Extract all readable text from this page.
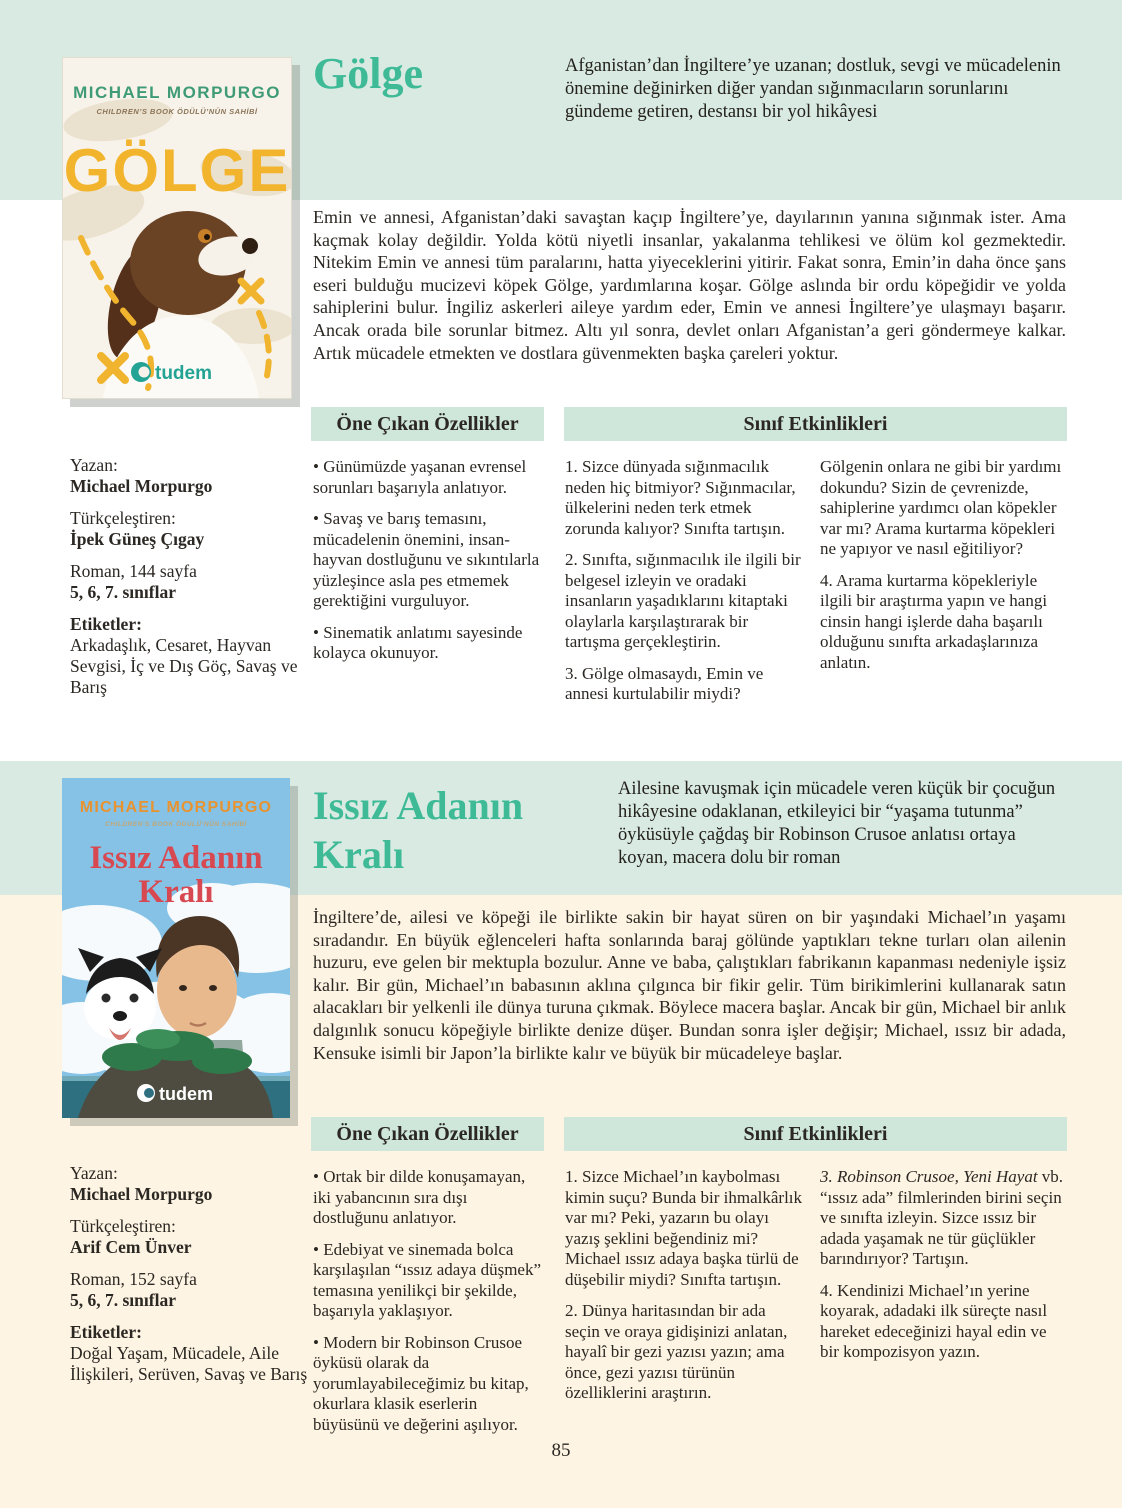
MICHAEL MORPURGO
CHILDREN’S BOOK ÖDÜLÜ’NÜN SAHİBİ
GÖLGE
tudem
Gölge	Afganistan’dan İngiltere’ye uzanan; dostluk, sevgi ve mücadelenin önemine değinirken diğer yandan sığınmacıların sorunlarını gündeme getiren, destansı bir yol hikâyesi
Emin ve annesi, Afganistan’daki savaştan kaçıp İngiltere’ye, dayılarının yanına sığınmak ister. Ama kaçmak kolay değildir. Yolda kötü niyetli insanlar, yakalanma tehlikesi ve ölüm kol gezmektedir. Nitekim Emin ve annesi tüm paralarını, hatta yiyeceklerini yitirir. Fakat sonra, Emin’in daha önce şans eseri bulduğu mucizevi köpek Gölge, yardımlarına koşar. Gölge aslında bir ordu köpeğidir ve yolda sahiplerini bulur. İngiliz askerleri aileye yardım eder, Emin ve annesi İngiltere’ye ulaşmayı başarır. Ancak orada bile sorunlar bitmez. Altı yıl sonra, devlet onları Afganistan’a geri göndermeye kalkar. Artık mücadele etmekten ve dostlara güvenmekten başka çareleri yoktur.
Öne Çıkan Özellikler	Sınıf Etkinlikleri

Yazan:
Michael Morpurgo

Türkçeleştiren:
İpek Güneş Çıgay

Roman, 144 sayfa
5, 6, 7. sınıflar

Etiketler:
Arkadaşlık, Cesaret, Hayvan Sevgisi, İç ve Dış Göç, Savaş ve Barış

• Günümüzde yaşanan evrensel sorunları başarıyla anlatıyor.

• Savaş ve barış temasını, mücadelenin önemini, insan-hayvan dostluğunu ve sıkıntılarla yüzleşince asla pes etmemek gerektiğini vurguluyor.

• Sinematik anlatımı sayesinde kolayca okunuyor.

1. Sizce dünyada sığınmacılık neden hiç bitmiyor? Sığınmacılar, ülkelerini neden terk etmek zorunda kalıyor? Sınıfta tartışın.

2. Sınıfta, sığınmacılık ile ilgili bir belgesel izleyin ve oradaki insanların yaşadıklarını kitaptaki olaylarla karşılaştırarak bir tartışma gerçekleştirin.

3. Gölge olmasaydı, Emin ve annesi kurtulabilir miydi?

Gölgenin onlara ne gibi bir yardımı dokundu? Sizin de çevrenizde, sahiplerine yardımcı olan köpekler var mı? Arama kurtarma köpekleri ne yapıyor ve nasıl eğitiliyor?

4. Arama kurtarma köpekleriyle ilgili bir araştırma yapın ve hangi cinsin hangi işlerde daha başarılı olduğunu sınıfta arkadaşlarınıza anlatın.

MICHAEL MORPURGO
CHILDREN’S BOOK ÖDÜLÜ’NÜN SAHİBİ
Issız Adanın
Kralı
tudem
Issız Adanın Kralı
Ailesine kavuşmak için mücadele veren küçük bir çocuğun hikâyesine odaklanan, etkileyici bir “yaşama tutunma” öyküsüyle çağdaş bir Robinson Crusoe anlatısı ortaya koyan, macera dolu bir roman
İngiltere’de, ailesi ve köpeği ile birlikte sakin bir hayat süren on bir yaşındaki Michael’ın yaşamı sıradandır. En büyük eğlenceleri hafta sonlarında baraj gölünde yaptıkları tekne turları olan ailenin huzuru, eve gelen bir mektupla bozulur. Anne ve baba, çalıştıkları fabrikanın kapanması nedeniyle işsiz kalır. Bir gün, Michael’ın babasının aklına çılgınca bir fikir gelir. Tüm birikimlerini kullanarak satın alacakları bir yelkenli ile dünya turuna çıkmak. Böylece macera başlar. Ancak bir gün, Michael bir anlık dalgınlık sonucu köpeğiyle birlikte denize düşer. Bundan sonra işler değişir; Michael, ıssız bir adada, Kensuke isimli bir Japon’la birlikte kalır ve büyük bir mücadeleye başlar.
Öne Çıkan Özellikler	Sınıf Etkinlikleri

Yazan:
Michael Morpurgo

Türkçeleştiren:
Arif Cem Ünver

Roman, 152 sayfa
5, 6, 7. sınıflar

Etiketler:
Doğal Yaşam, Mücadele, Aile İlişkileri, Serüven, Savaş ve Barış

• Ortak bir dilde konuşamayan, iki yabancının sıra dışı dostluğunu anlatıyor.

• Edebiyat ve sinemada bolca karşılaşılan “ıssız adaya düşmek” temasına yenilikçi bir şekilde, başarıyla yaklaşıyor.

• Modern bir Robinson Crusoe öyküsü olarak da yorumlayabileceğimiz bu kitap, okurlara klasik eserlerin büyüsünü ve değerini aşılıyor.

1. Sizce Michael’ın kaybolması kimin suçu? Bunda bir ihmalkârlık var mı? Peki, yazarın bu olayı yazış şeklini beğendiniz mi? Michael ıssız adaya başka türlü de düşebilir miydi? Sınıfta tartışın.

2. Dünya haritasından bir ada seçin ve oraya gidişinizi anlatan, hayalî bir gezi yazısı yazın; ama önce, gezi yazısı türünün özelliklerini araştırın.

3. Robinson Crusoe, Yeni Hayat vb. “ıssız ada” filmlerinden birini seçin ve sınıfta izleyin. Sizce ıssız bir adada yaşamak ne tür güçlükler barındırıyor? Tartışın.

4. Kendinizi Michael’ın yerine koyarak, adadaki ilk süreçte nasıl hareket edeceğinizi hayal edin ve bir kompozisyon yazın.

85
